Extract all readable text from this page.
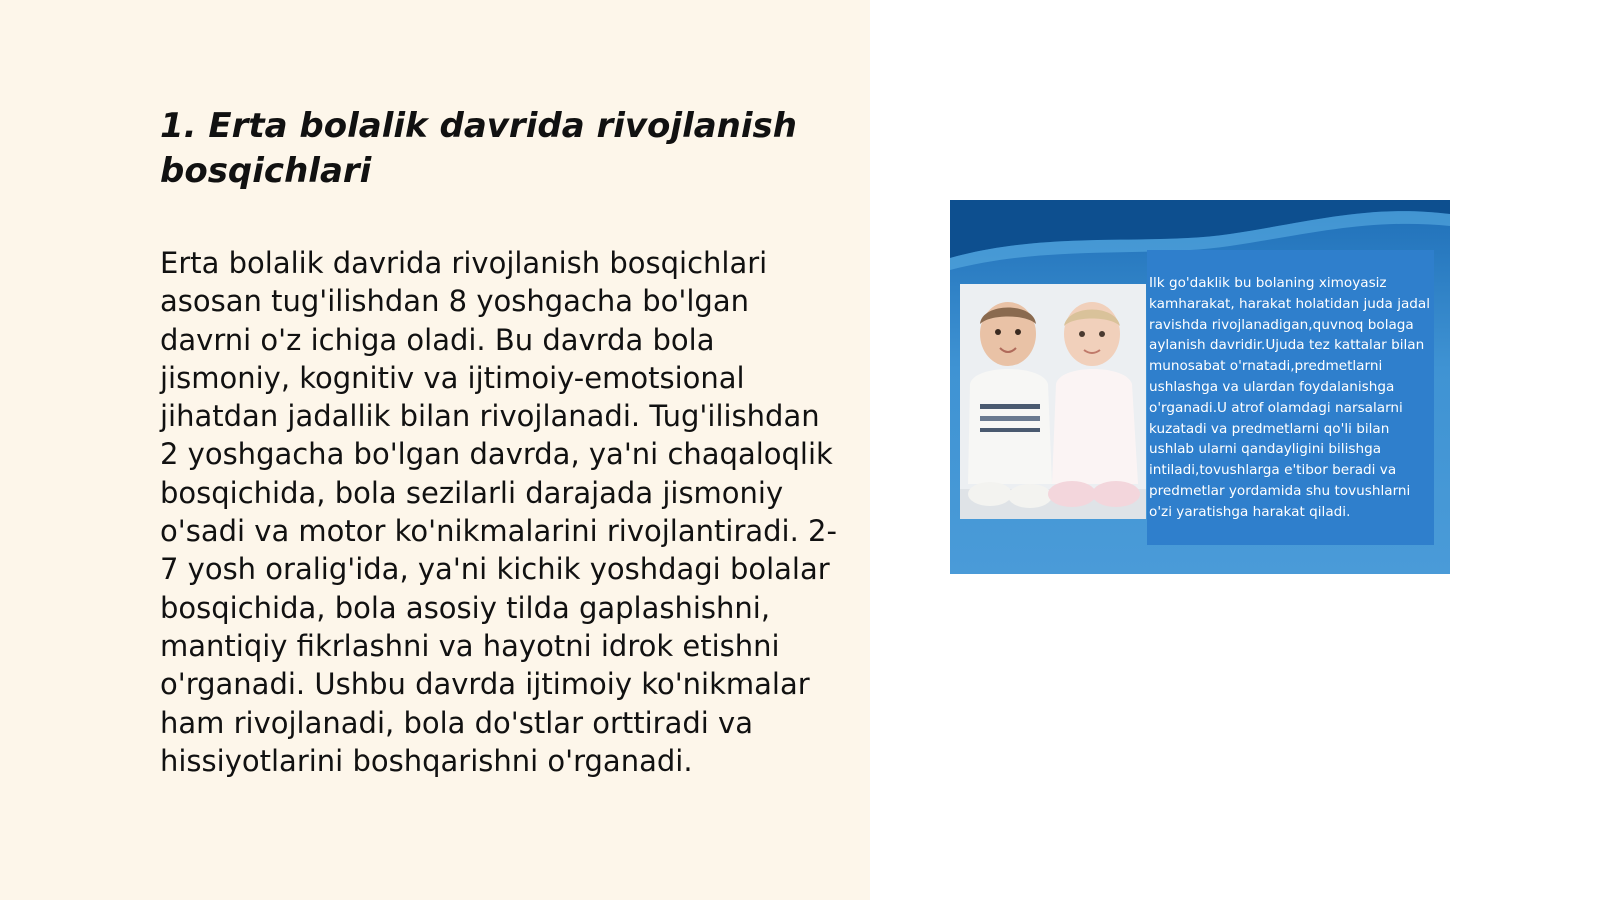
1. Erta bolalik davrida rivojlanish bosqichlari

Erta bolalik davrida rivojlanish bosqichlari asosan tug'ilishdan 8 yoshgacha bo'lgan davrni o'z ichiga oladi. Bu davrda bola jismoniy, kognitiv va ijtimoiy-emotsional jihatdan jadallik bilan rivojlanadi. Tug'ilishdan 2 yoshgacha bo'lgan davrda, ya'ni chaqaloqlik bosqichida, bola sezilarli darajada jismoniy o'sadi va motor ko'nikmalarini rivojlantiradi. 2-7 yosh oralig'ida, ya'ni kichik yoshdagi bolalar bosqichida, bola asosiy tilda gaplashishni, mantiqiy fikrlashni va hayotni idrok etishni o'rganadi. Ushbu davrda ijtimoiy ko'nikmalar ham rivojlanadi, bola do'stlar orttiradi va hissiyotlarini boshqarishni o'rganadi.

Ilk go'daklik bu bolaning ximoyasiz kamharakat, harakat holatidan juda jadal ravishda rivojlanadigan,quvnoq bolaga aylanish davridir.Ujuda tez kattalar bilan munosabat o'rnatadi,predmetlarni ushlashga va ulardan foydalanishga o'rganadi.U atrof olamdagi narsalarni kuzatadi va predmetlarni qo'li bilan ushlab ularni qandayligini bilishga intiladi,tovushlarga e'tibor beradi va predmetlar yordamida shu tovushlarni o'zi yaratishga harakat qiladi.
